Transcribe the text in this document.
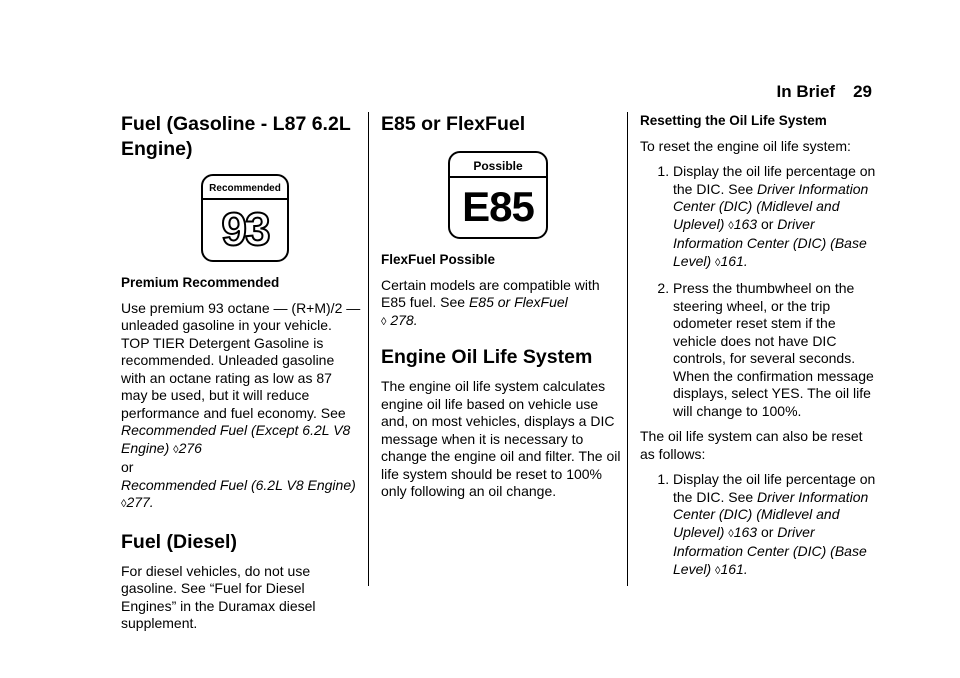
In Brief 29
Fuel (Gasoline - L87 6.2L Engine)
Recommended
93
Premium Recommended

Use premium 93 octane — (R+M)/2 — unleaded gasoline in your vehicle. TOP TIER Detergent Gasoline is recommended. Unleaded gasoline with an octane rating as low as 87 may be used, but it will reduce performance and fuel economy. See Recommended Fuel (Except 6.2L V8 Engine) ◊276
or
Recommended Fuel (6.2L V8 Engine) ◊277.

Fuel (Diesel)

For diesel vehicles, do not use gasoline. See “Fuel for Diesel Engines” in the Duramax diesel supplement.

E85 or FlexFuel
Possible
E85
FlexFuel Possible

Certain models are compatible with E85 fuel. See E85 or FlexFuel
◊ 278.

Engine Oil Life System

The engine oil life system calculates engine oil life based on vehicle use and, on most vehicles, displays a DIC message when it is necessary to change the engine oil and filter. The oil life system should be reset to 100% only following an oil change.

Resetting the Oil Life System

To reset the engine oil life system:

1. Display the oil life percentage on the DIC. See Driver Information Center (DIC) (Midlevel and Uplevel) ◊163 or Driver Information Center (DIC) (Base Level) ◊161.
2. Press the thumbwheel on the steering wheel, or the trip odometer reset stem if the vehicle does not have DIC controls, for several seconds. When the confirmation message displays, select YES. The oil life will change to 100%.

The oil life system can also be reset as follows:

1. Display the oil life percentage on the DIC. See Driver Information Center (DIC) (Midlevel and Uplevel) ◊163 or Driver Information Center (DIC) (Base Level) ◊161.
